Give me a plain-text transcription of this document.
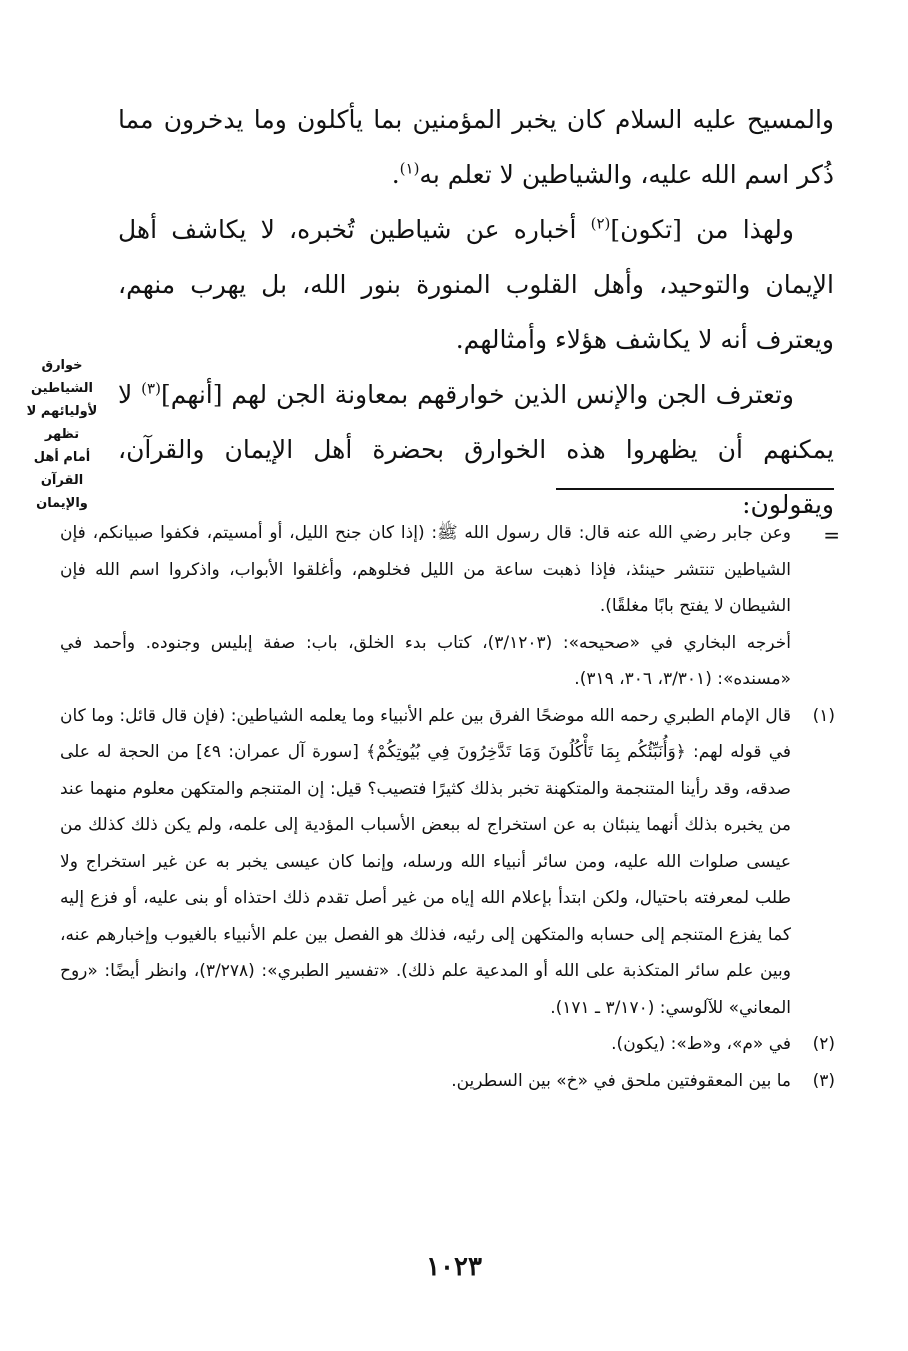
والمسيح عليه السلام كان يخبر المؤمنين بما يأكلون وما يدخرون مما ذُكر اسم الله عليه، والشياطين لا تعلم به$^{(١)}$.

ولهذا من [تكون]$^{(٢)}$ أخباره عن شياطين تُخبره، لا يكاشف أهل الإيمان والتوحيد، وأهل القلوب المنورة بنور الله، بل يهرب منهم، ويعترف أنه لا يكاشف هؤلاء وأمثالهم.

وتعترف الجن والإنس الذين خوارقهم بمعاونة الجن لهم [أنهم]$^{(٣)}$ لا يمكنهم أن يظهروا هذه الخوارق بحضرة أهل الإيمان والقرآن، ويقولون:

خوارق الشياطين
لأوليائهم لا تظهر
أمام أهل القرآن
والإيمان
=

وعن جابر رضي الله عنه قال: قال رسول الله ﷺ: (إذا كان جنح الليل، أو أمسيتم، فكفوا صبيانكم، فإن الشياطين تنتشر حينئذ، فإذا ذهبت ساعة من الليل فخلوهم، وأغلقوا الأبواب، واذكروا اسم الله فإن الشيطان لا يفتح بابًا مغلقًا).

أخرجه البخاري في «صحيحه»: (٣/١٢٠٣)، كتاب بدء الخلق، باب: صفة إبليس وجنوده. وأحمد في «مسنده»: (٣/٣٠١، ٣٠٦، ٣١٩).

(١)
قال الإمام الطبري رحمه الله موضحًا الفرق بين علم الأنبياء وما يعلمه الشياطين: (فإن قال قائل: وما كان في قوله لهم: ﴿وَأُنَبِّئُكُم بِمَا تَأْكُلُونَ وَمَا تَدَّخِرُونَ فِي بُيُوتِكُمْ﴾ [سورة آل عمران: ٤٩] من الحجة له على صدقه، وقد رأينا المتنجمة والمتكهنة تخبر بذلك كثيرًا فتصيب؟ قيل: إن المتنجم والمتكهن معلوم منهما عند من يخبره بذلك أنهما ينبئان به عن استخراج له ببعض الأسباب المؤدية إلى علمه، ولم يكن ذلك كذلك من عيسى صلوات الله عليه، ومن سائر أنبياء الله ورسله، وإنما كان عيسى يخبر به عن غير استخراج ولا طلب لمعرفته باحتيال، ولكن ابتدأ بإعلام الله إياه من غير أصل تقدم ذلك احتذاه أو بنى عليه، أو فزع إليه كما يفزع المتنجم إلى حسابه والمتكهن إلى رئيه، فذلك هو الفصل بين علم الأنبياء بالغيوب وإخبارهم عنه، وبين علم سائر المتكذبة على الله أو المدعية علم ذلك). «تفسير الطبري»: (٣/٢٧٨)، وانظر أيضًا: «روح المعاني» للآلوسي: (٣/١٧٠ ـ ١٧١).
(٢)
في «م»، و«ط»: (يكون).
(٣)
ما بين المعقوفتين ملحق في «خ» بين السطرين.
١٠٢٣
